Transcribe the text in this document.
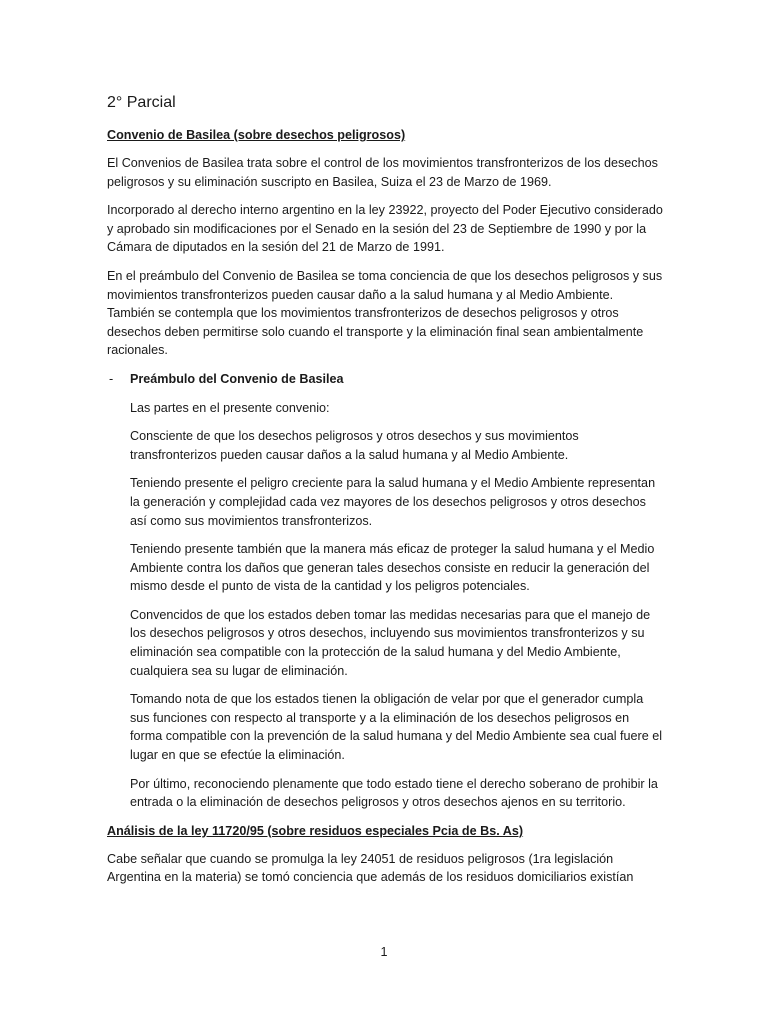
2° Parcial
Convenio de Basilea (sobre desechos peligrosos)

El Convenios de Basilea trata sobre el control de los movimientos transfronterizos de los desechos peligrosos y su eliminación suscripto en Basilea, Suiza el 23 de Marzo de 1969.

Incorporado al derecho interno argentino en la ley 23922, proyecto del Poder Ejecutivo considerado y aprobado sin modificaciones por el Senado en la sesión del 23 de Septiembre de 1990 y por la Cámara de diputados en la sesión del 21 de Marzo de 1991.

En el preámbulo del Convenio de Basilea se toma conciencia de que los desechos peligrosos y sus movimientos transfronterizos pueden causar daño a la salud humana y al Medio Ambiente. También se contempla que los movimientos transfronterizos de desechos peligrosos y otros desechos deben permitirse solo cuando el transporte y la eliminación final sean ambientalmente racionales.

-	Preámbulo del Convenio de Basilea

Las partes en el presente convenio:

Consciente de que los desechos peligrosos y otros desechos y sus movimientos transfronterizos pueden causar daños a la salud humana y al Medio Ambiente.

Teniendo presente el peligro creciente para la salud humana y el Medio Ambiente representan la generación y complejidad cada vez mayores de los desechos peligrosos y otros desechos así como sus movimientos transfronterizos.

Teniendo presente también que la manera más eficaz de proteger la salud humana y el Medio Ambiente contra los daños que generan tales desechos consiste en reducir la generación del mismo desde el punto de vista de la cantidad y los peligros potenciales.

Convencidos de que los estados deben tomar las medidas necesarias para que el manejo de los desechos peligrosos y otros desechos, incluyendo sus movimientos transfronterizos y su eliminación sea compatible con la protección de la salud humana y del Medio Ambiente, cualquiera sea su lugar de eliminación.

Tomando nota de que los estados tienen la obligación de velar por que el generador cumpla sus funciones con respecto al transporte y a la eliminación de los desechos peligrosos en forma compatible con la prevención de la salud humana y del Medio Ambiente sea cual fuere el lugar en que se efectúe la eliminación.

Por último, reconociendo plenamente que todo estado tiene el derecho soberano de prohibir la entrada o la eliminación de desechos peligrosos y otros desechos ajenos en su territorio.

Análisis de la ley 11720/95 (sobre residuos especiales Pcia de Bs. As)

Cabe señalar que cuando se promulga la ley 24051 de residuos peligrosos (1ra legislación Argentina en la materia) se tomó conciencia que además de los residuos domiciliarios existían

1
